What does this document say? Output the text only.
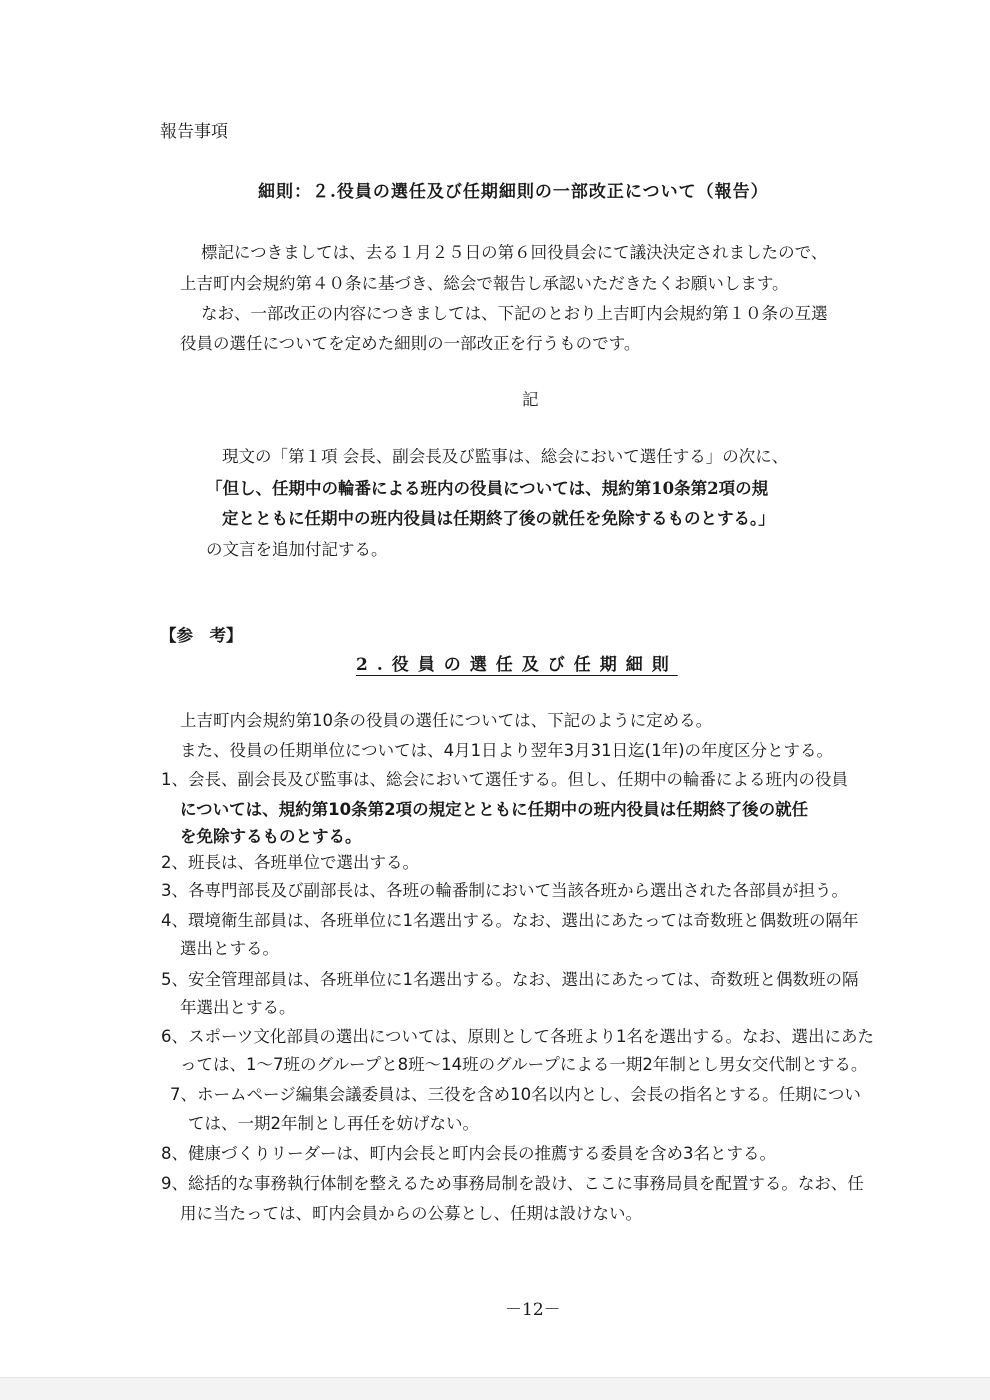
報告事項
細則：２.役員の選任及び任期細則の一部改正について（報告）
標記につきましては、去る１月２５日の第６回役員会にて議決決定されましたので、
上吉町内会規約第４０条に基づき、総会で報告し承認いただきたくお願いします。
なお、一部改正の内容につきましては、下記のとおり上吉町内会規約第１０条の互選
役員の選任についてを定めた細則の一部改正を行うものです。
記
現文の「第１項 会長、副会長及び監事は、総会において選任する」の次に、
「但し、任期中の輪番による班内の役員については、規約第10条第2項の規
定とともに任期中の班内役員は任期終了後の就任を免除するものとする。」
の文言を追加付記する。
【参　考】
2.役員の選任及び任期細則
上吉町内会規約第10条の役員の選任については、下記のように定める。
また、役員の任期単位については、4月1日より翌年3月31日迄(1年)の年度区分とする。
1、会長、副会長及び監事は、総会において選任する。但し、任期中の輪番による班内の役員
については、規約第10条第2項の規定とともに任期中の班内役員は任期終了後の就任
を免除するものとする。
2、班長は、各班単位で選出する。
3、各専門部長及び副部長は、各班の輪番制において当該各班から選出された各部員が担う。
4、環境衛生部員は、各班単位に1名選出する。なお、選出にあたっては奇数班と偶数班の隔年
選出とする。
5、安全管理部員は、各班単位に1名選出する。なお、選出にあたっては、奇数班と偶数班の隔
年選出とする。
6、スポーツ文化部員の選出については、原則として各班より1名を選出する。なお、選出にあた
っては、1～7班のグループと8班～14班のグループによる一期2年制とし男女交代制とする。
7、ホームページ編集会議委員は、三役を含め10名以内とし、会長の指名とする。任期につい
ては、一期2年制とし再任を妨げない。
8、健康づくりリーダーは、町内会長と町内会長の推薦する委員を含め3名とする。
9、総括的な事務執行体制を整えるため事務局制を設け、ここに事務局員を配置する。なお、任
用に当たっては、町内会員からの公募とし、任期は設けない。
－12－
